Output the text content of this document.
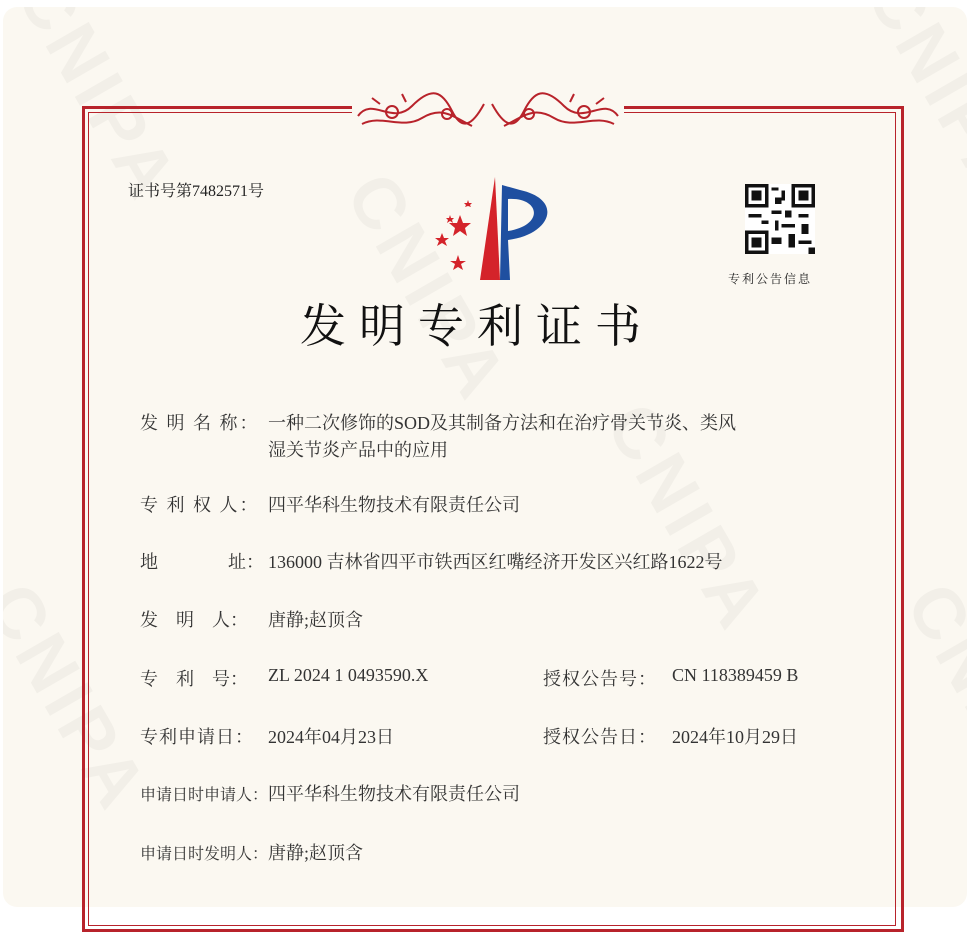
证书号第7482571号
发明专利证书
专利公告信息
发 明 名 称： 一种二次修饰的SOD及其制备方法和在治疗骨关节炎、类风
湿关节炎产品中的应用
专 利 权 人： 四平华科生物技术有限责任公司
地	址： 136000 吉林省四平市铁西区红嘴经济开发区兴红路1622号
发　明　人： 唐静;赵顶含
专　利　号： ZL 2024 1 0493590.X	授权公告号： CN 118389459 B
专利申请日： 2024年04月23日	授权公告日： 2024年10月29日
申请日时申请人： 四平华科生物技术有限责任公司
申请日时发明人： 唐静;赵顶含
